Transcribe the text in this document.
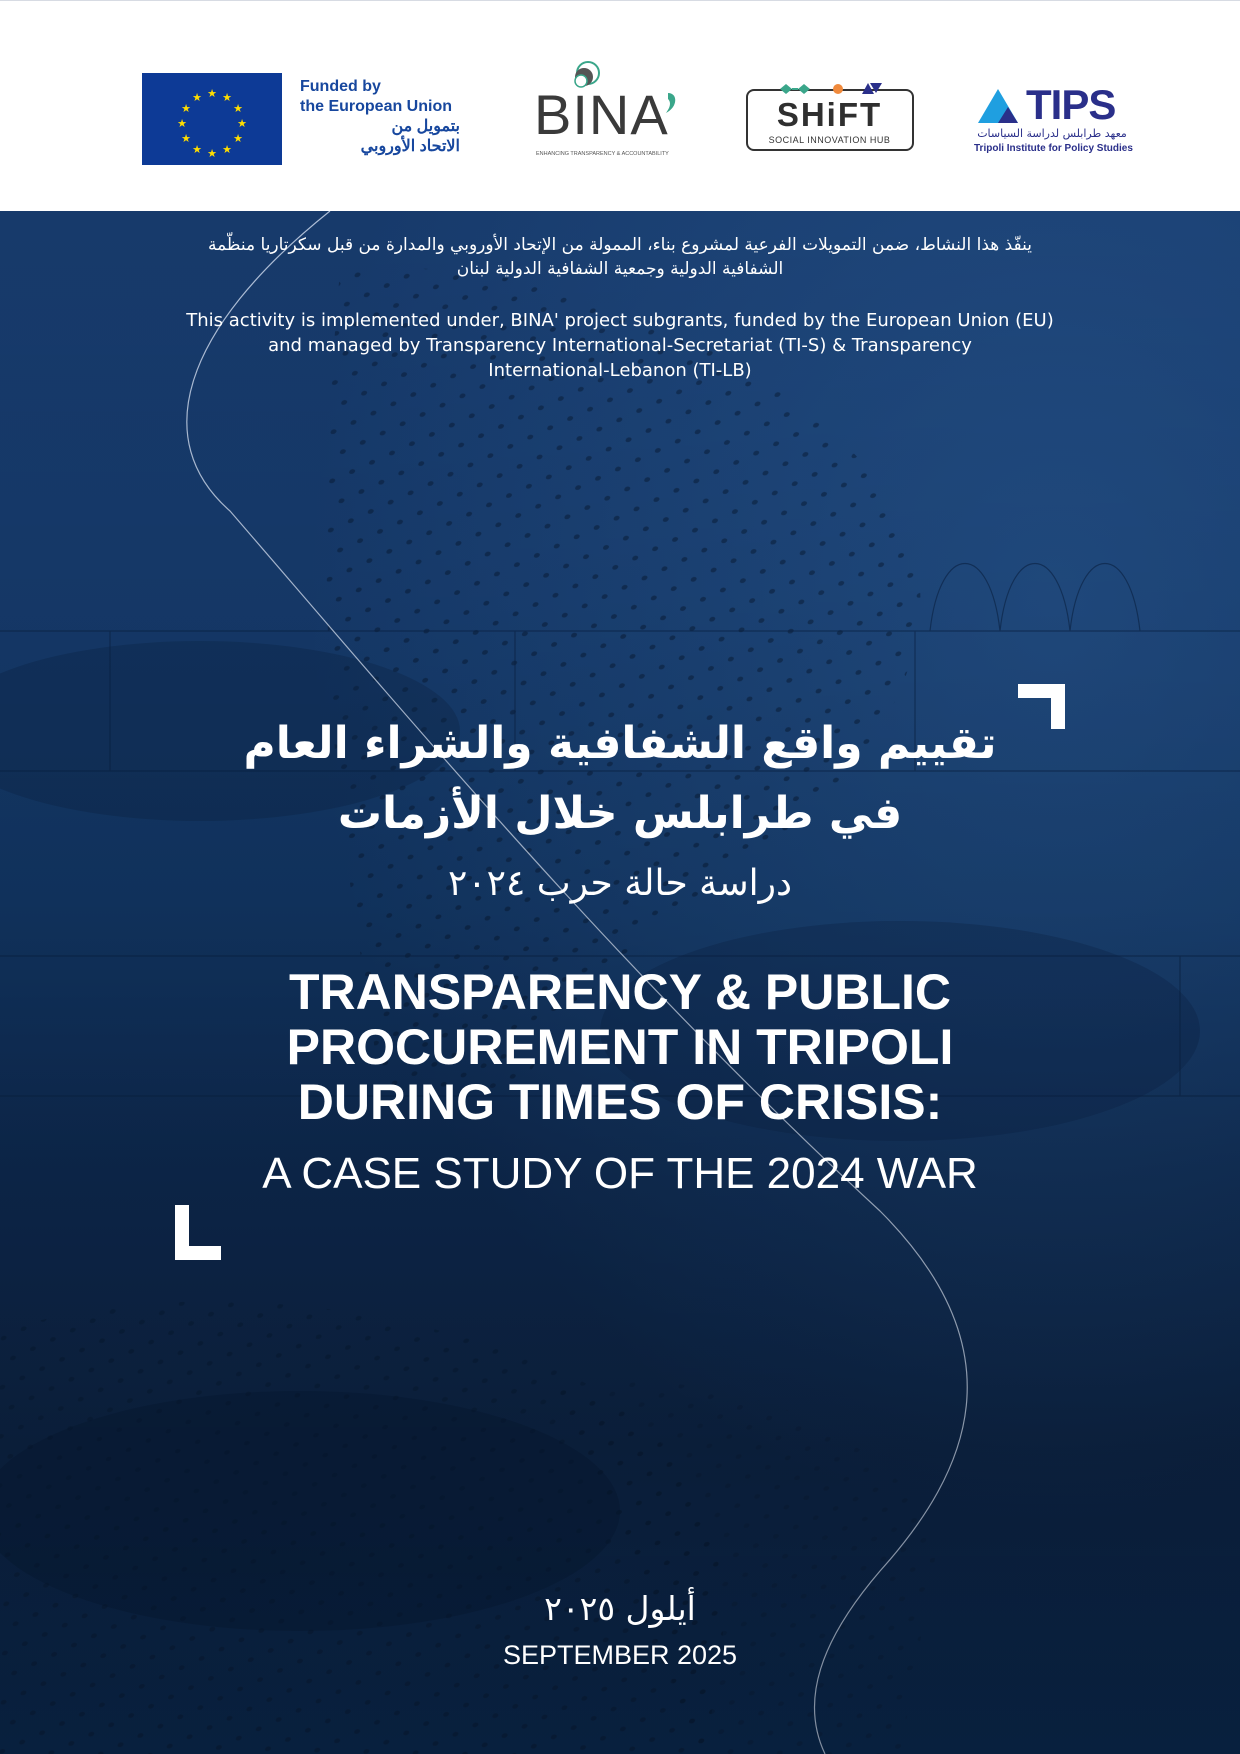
★ ★
★
★
★
★
★
★
★
★
★
★
Funded by
the European Union
بتمويل من
الاتحاد الأوروبي
BINA
ENHANCING TRANSPARENCY & ACCOUNTABILITY
SHiFT
SOCIAL INNOVATION HUB
TIPS
معهد طرابلس لدراسة السياسات
Tripoli Institute for Policy Studies
ينفّذ هذا النشاط، ضمن التمويلات الفرعية لمشروع بناء، الممولة من الإتحاد الأوروبي والمدارة من قبل سكرتاريا منظّمة
الشفافية الدولية وجمعية الشفافية الدولية لبنان
This activity is implemented under, BINA' project subgrants, funded by the European Union (EU)
and managed by Transparency International-Secretariat (TI-S) & Transparency
International-Lebanon (TI-LB)
تقييم واقع الشفافية والشراء العام
في طرابلس خلال الأزمات
دراسة حالة حرب ٢٠٢٤
TRANSPARENCY & PUBLIC
PROCUREMENT IN TRIPOLI
DURING TIMES OF CRISIS:
A CASE STUDY OF THE 2024 WAR
أيلول ٢٠٢٥
SEPTEMBER 2025
